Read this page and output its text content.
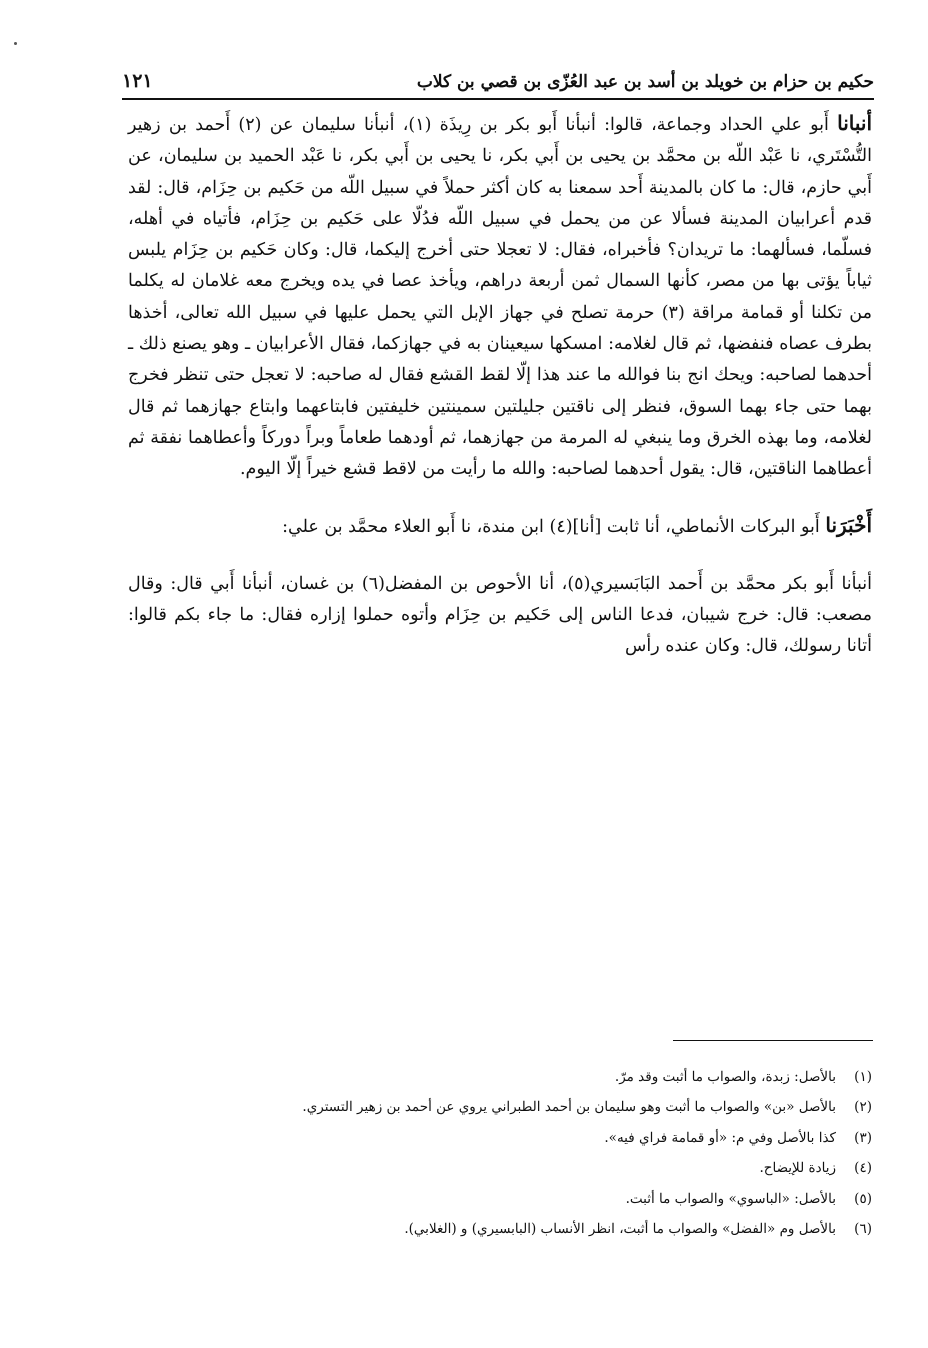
حكيم بن حزام بن خويلد بن أسد بن عبد العُزّى بن قصي بن كلاب
١٢١

أنبانا أَبو علي الحداد وجماعة، قالوا: أنبأنا أَبو بكر بن رِيذَة (١)، أنبأنا سليمان عن (٢) أَحمد بن زهير التُّسْتَري، نا عَبْد اللّه بن محمَّد بن يحيى بن أَبي بكر، نا يحيى بن أَبي بكر، نا عَبْد الحميد بن سليمان، عن أَبي حازم، قال: ما كان بالمدينة أَحد سمعنا به كان أكثر حملاً في سبيل اللّه من حَكيم بن حِزَام، قال: لقد قدم أعرابيان المدينة فسألا عن من يحمل في سبيل اللّه فدُلّا على حَكيم بن حِزَام، فأتياه في أهله، فسلّما، فسألهما: ما تريدان؟ فأخبراه، فقال: لا تعجلا حتى أخرج إليكما، قال: وكان حَكيم بن حِزَام يلبس ثياباً يؤتى بها من مصر، كأنها السمال ثمن أربعة دراهم، ويأخذ عصا في يده ويخرج معه غلامان له يكلما من تكلنا أو قمامة مراقة (٣) حرمة تصلح في جهاز الإبل التي يحمل عليها في سبيل الله تعالى، أخذها بطرف عصاه فنفضها، ثم قال لغلامه: امسكها سيعينان به في جهازكما، فقال الأعرابيان ـ وهو يصنع ذلك ـ أحدهما لصاحبه: ويحك انج بنا فوالله ما عند هذا إلّا لقط القشع فقال له صاحبه: لا تعجل حتى تنظر فخرج بهما حتى جاء بهما السوق، فنظر إلى ناقتين جليلتين سمينتين خليفتين فابتاعهما وابتاع جهازهما ثم قال لغلامه، وما بهذه الخرق وما ينبغي له المرمة من جهازهما، ثم أودهما طعاماً وبراً دوركاً وأعطاهما نفقة ثم أعطاهما الناقتين، قال: يقول أحدهما لصاحبه: والله ما رأيت من لاقط قشع خيراً إلّا اليوم.

أَخْبَرَنا أَبو البركات الأنماطي، أنا ثابت [أنا](٤) ابن مندة، نا أَبو العلاء محمَّد بن علي:

أنبأنا أَبو بكر محمَّد بن أَحمد البَابَسيري(٥)، أنا الأحوص بن المفضل(٦) بن غسان، أنبأنا أَبي قال: وقال مصعب: قال: خرج شيبان، فدعا الناس إلى حَكيم بن حِزَام وأتوه حملوا إزاره فقال: ما جاء بكم قالوا: أتانا رسولك، قال: وكان عنده رأس

(١)بالأصل: زبدة، والصواب ما أثبت وقد مرّ.
(٢)بالأصل «بن» والصواب ما أثبت وهو سليمان بن أحمد الطبراني يروي عن أحمد بن زهير التستري.
(٣)كذا بالأصل وفي م: «أو قمامة فراي فيه».
(٤)زيادة للإيضاح.
(٥)بالأصل: «الباسوي» والصواب ما أثبت.
(٦)بالأصل وم «الفضل» والصواب ما أثبت، انظر الأنساب (البابسيري) و (الغلابي).
